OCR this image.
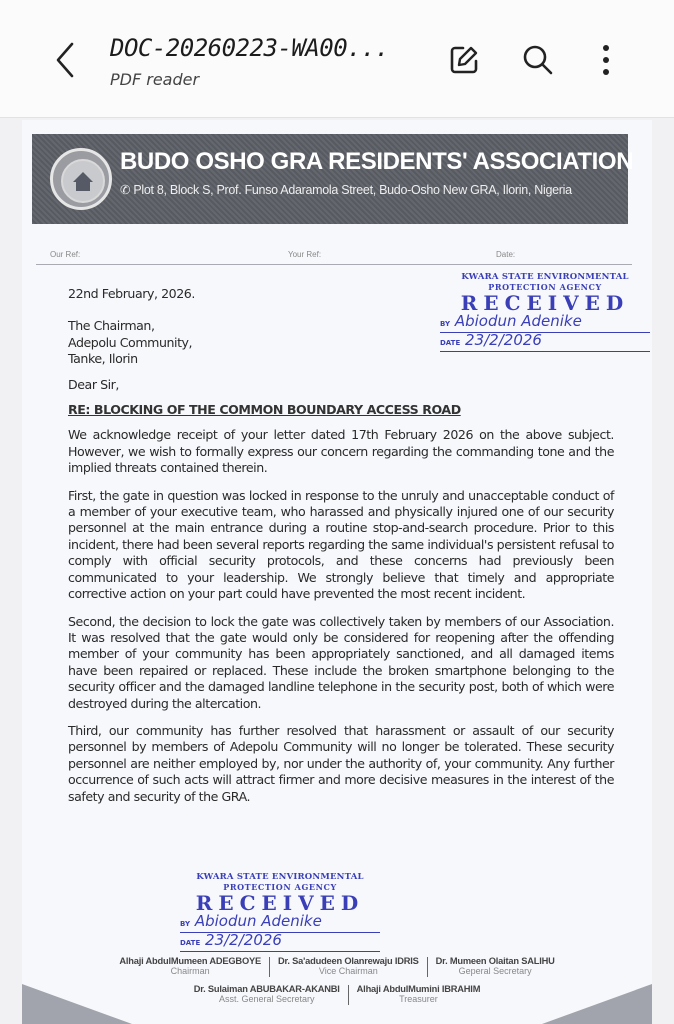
DOC-20260223-WA00...
PDF reader
BUDO OSHO GRA RESIDENTS' ASSOCIATION
✆ Plot 8, Block S, Prof. Funso Adaramola Street, Budo-Osho New GRA, Ilorin, Nigeria
Our Ref:	Your Ref:	Date:
KWARA STATE ENVIRONMENTAL
PROTECTION AGENCY
RECEIVED
BY Abiodun Adenike
DATE 23/2/2026

22nd February, 2026.

The Chairman,
Adepolu Community,
Tanke, Ilorin

Dear Sir,

RE: BLOCKING OF THE COMMON BOUNDARY ACCESS ROAD

We acknowledge receipt of your letter dated 17th February 2026 on the above subject. However, we wish to formally express our concern regarding the commanding tone and the implied threats contained therein.

First, the gate in question was locked in response to the unruly and unacceptable conduct of a member of your executive team, who harassed and physically injured one of our security personnel at the main entrance during a routine stop-and-search procedure. Prior to this incident, there had been several reports regarding the same individual's persistent refusal to comply with official security protocols, and these concerns had previously been communicated to your leadership. We strongly believe that timely and appropriate corrective action on your part could have prevented the most recent incident.

Second, the decision to lock the gate was collectively taken by members of our Association. It was resolved that the gate would only be considered for reopening after the offending member of your community has been appropriately sanctioned, and all damaged items have been repaired or replaced. These include the broken smartphone belonging to the security officer and the damaged landline telephone in the security post, both of which were destroyed during the altercation.

Third, our community has further resolved that harassment or assault of our security personnel by members of Adepolu Community will no longer be tolerated. These security personnel are neither employed by, nor under the authority of, your community. Any further occurrence of such acts will attract firmer and more decisive measures in the interest of the safety and security of the GRA.

KWARA STATE ENVIRONMENTAL
PROTECTION AGENCY
RECEIVED
BY Abiodun Adenike
DATE 23/2/2026
Alhaji AbdulMumeen ADEGBOYE
Chairman
Dr. Sa'adudeen Olanrewaju IDRIS
Vice Chairman
Dr. Mumeen Olaitan SALIHU
Geperal Secretary
Dr. Sulaiman ABUBAKAR-AKANBI
Asst. General Secretary
Alhaji AbdulMumini IBRAHIM
Treasurer
